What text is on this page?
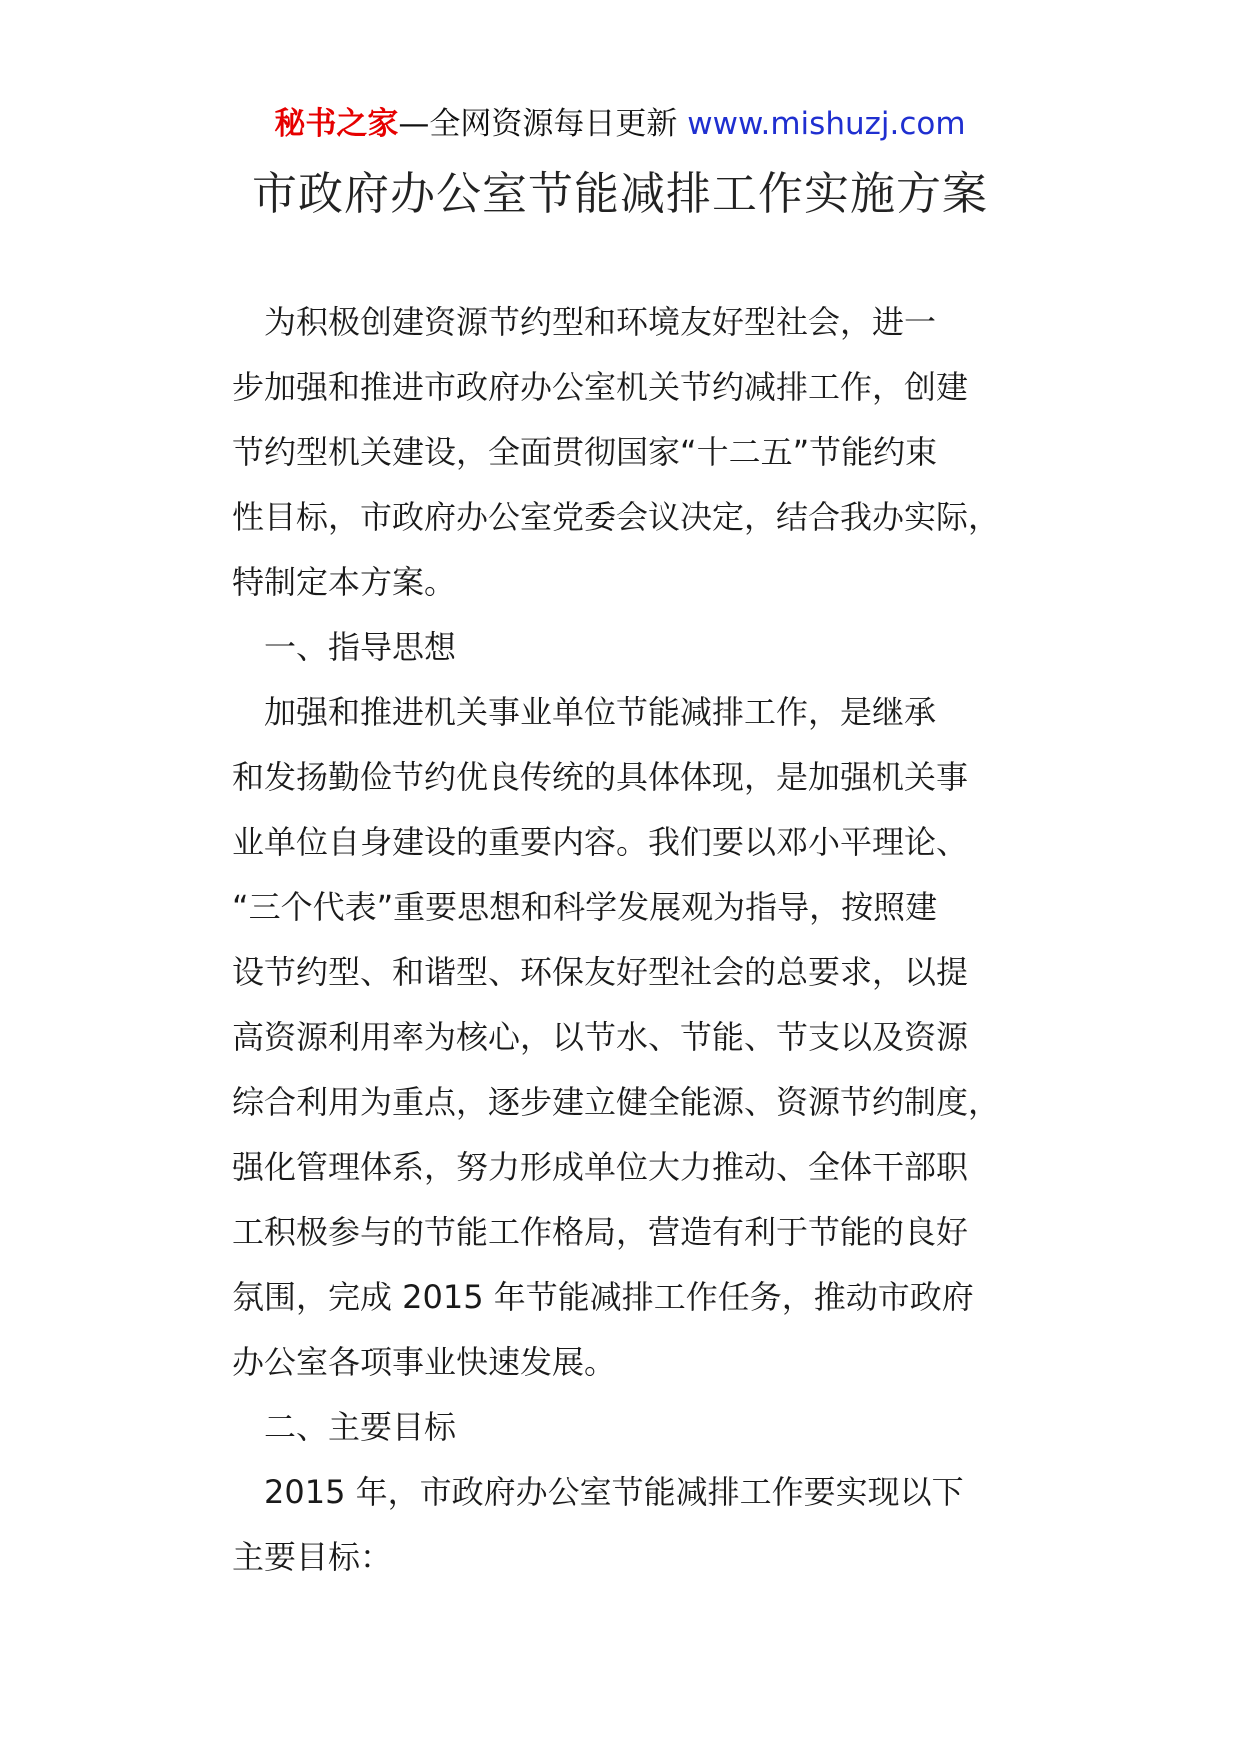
秘书之家—全网资源每日更新 www.mishuzj.com
市政府办公室节能减排工作实施方案
　为积极创建资源节约型和环境友好型社会，进一
步加强和推进市政府办公室机关节约减排工作，创建
节约型机关建设，全面贯彻国家“十二五”节能约束
性目标，市政府办公室党委会议决定，结合我办实际，
特制定本方案。
　一、指导思想
　加强和推进机关事业单位节能减排工作，是继承
和发扬勤俭节约优良传统的具体体现，是加强机关事
业单位自身建设的重要内容。我们要以邓小平理论、
“三个代表”重要思想和科学发展观为指导，按照建
设节约型、和谐型、环保友好型社会的总要求，以提
高资源利用率为核心，以节水、节能、节支以及资源
综合利用为重点，逐步建立健全能源、资源节约制度，
强化管理体系，努力形成单位大力推动、全体干部职
工积极参与的节能工作格局，营造有利于节能的良好
氛围，完成 2015 年节能减排工作任务，推动市政府
办公室各项事业快速发展。
　二、主要目标
　2015 年，市政府办公室节能减排工作要实现以下
主要目标：
